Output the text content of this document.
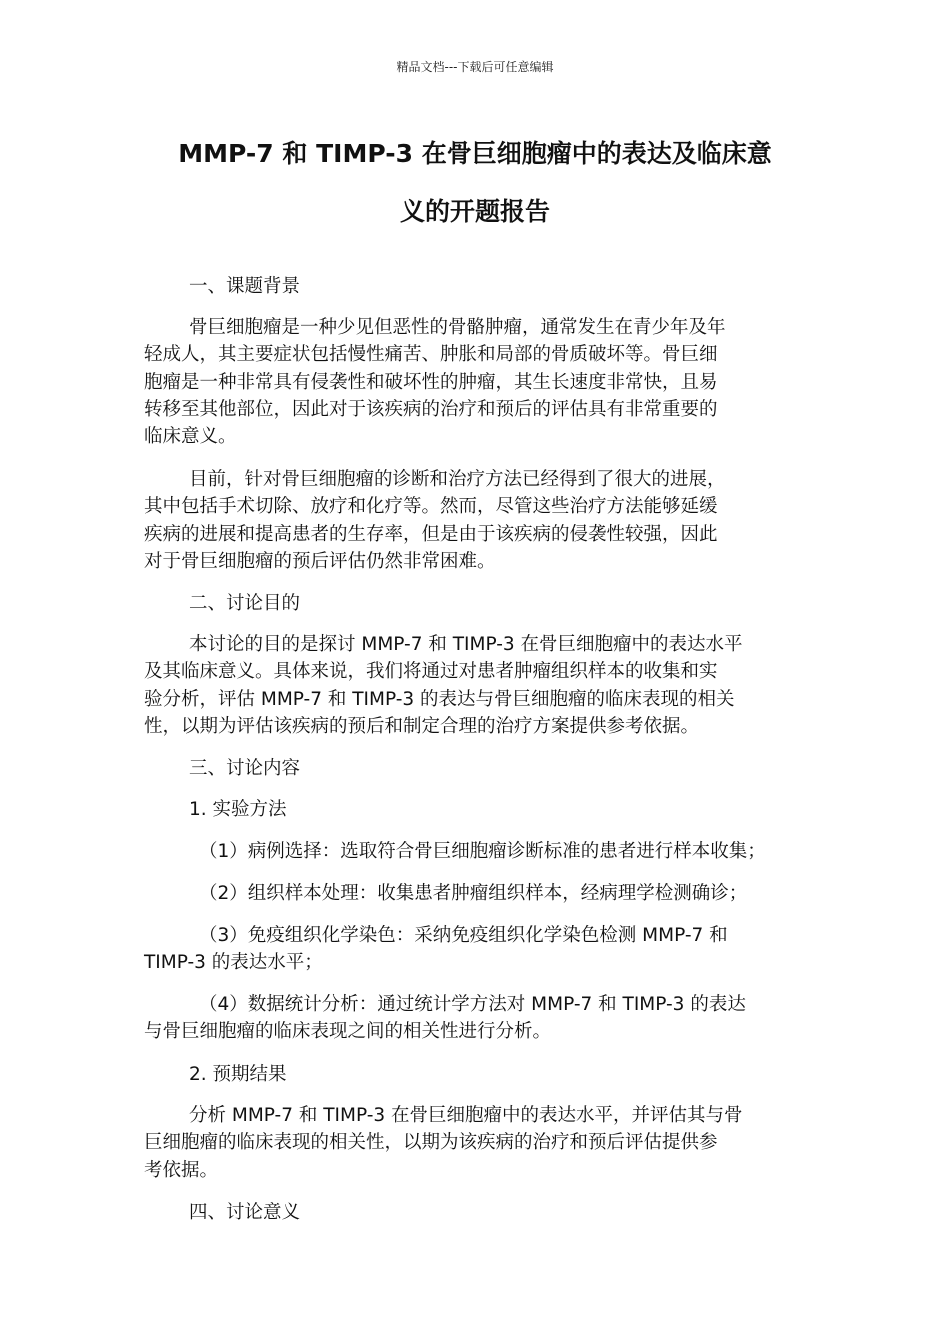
精品文档---下载后可任意编辑
MMP-7 和 TIMP-3 在骨巨细胞瘤中的表达及临床意
义的开题报告
一、课题背景
骨巨细胞瘤是一种少见但恶性的骨骼肿瘤，通常发生在青少年及年
轻成人，其主要症状包括慢性痛苦、肿胀和局部的骨质破坏等。骨巨细
胞瘤是一种非常具有侵袭性和破坏性的肿瘤，其生长速度非常快，且易
转移至其他部位，因此对于该疾病的治疗和预后的评估具有非常重要的
临床意义。
目前，针对骨巨细胞瘤的诊断和治疗方法已经得到了很大的进展，
其中包括手术切除、放疗和化疗等。然而，尽管这些治疗方法能够延缓
疾病的进展和提高患者的生存率，但是由于该疾病的侵袭性较强，因此
对于骨巨细胞瘤的预后评估仍然非常困难。
二、讨论目的
本讨论的目的是探讨 MMP-7 和 TIMP-3 在骨巨细胞瘤中的表达水平
及其临床意义。具体来说，我们将通过对患者肿瘤组织样本的收集和实
验分析，评估 MMP-7 和 TIMP-3 的表达与骨巨细胞瘤的临床表现的相关
性，以期为评估该疾病的预后和制定合理的治疗方案提供参考依据。
三、讨论内容
1. 实验方法
（1）病例选择：选取符合骨巨细胞瘤诊断标准的患者进行样本收集；
（2）组织样本处理：收集患者肿瘤组织样本，经病理学检测确诊；
（3）免疫组织化学染色：采纳免疫组织化学染色检测 MMP-7 和
TIMP-3 的表达水平；
（4）数据统计分析：通过统计学方法对 MMP-7 和 TIMP-3 的表达
与骨巨细胞瘤的临床表现之间的相关性进行分析。
2. 预期结果
分析 MMP-7 和 TIMP-3 在骨巨细胞瘤中的表达水平，并评估其与骨
巨细胞瘤的临床表现的相关性，以期为该疾病的治疗和预后评估提供参
考依据。
四、讨论意义
